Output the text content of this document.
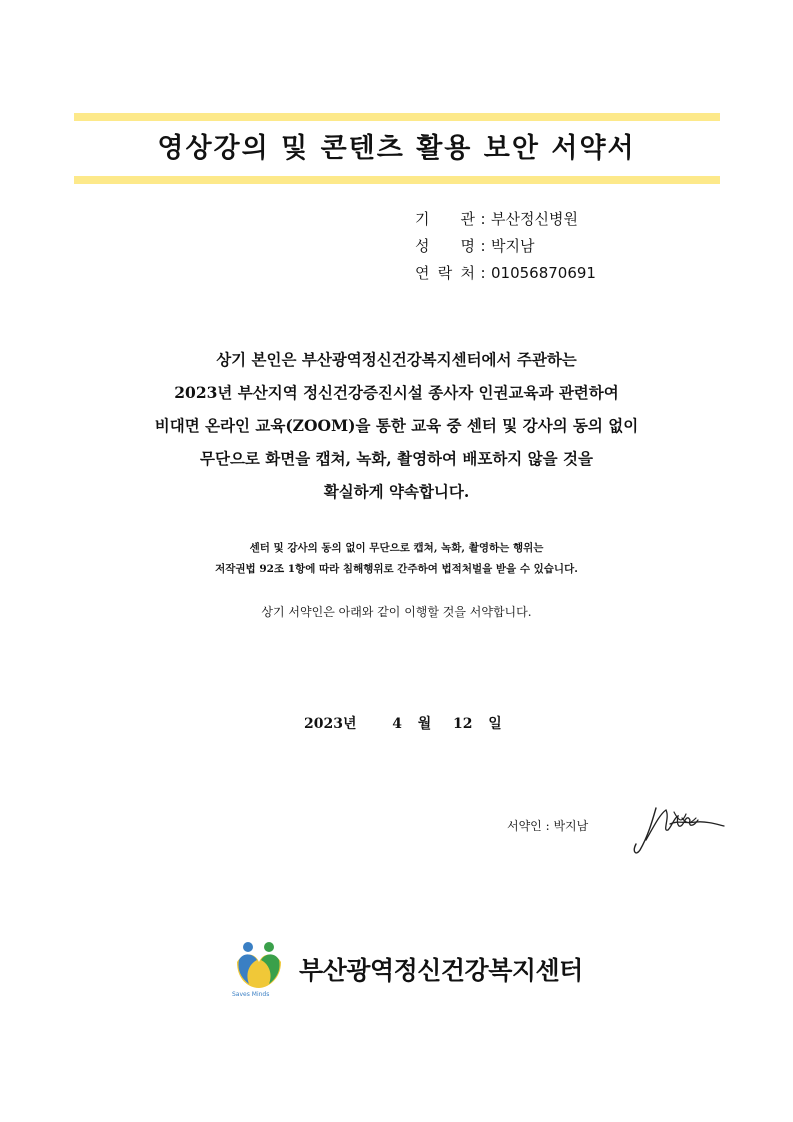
영상강의 및 콘텐츠 활용 보안 서약서
기 관 : 부산정신병원
성 명 : 박지남
연 락 처 : 01056870691
상기 본인은 부산광역정신건강복지센터에서 주관하는
2023년 부산지역 정신건강증진시설 종사자 인권교육과 관련하여
비대면 온라인 교육(ZOOM)을 통한 교육 중 센터 및 강사의 동의 없이
무단으로 화면을 캡쳐, 녹화, 촬영하여 배포하지 않을 것을
확실하게 약속합니다.
센터 및 강사의 동의 없이 무단으로 캡쳐, 녹화, 촬영하는 행위는
저작권법 92조 1항에 따라 침해행위로 간주하여 법적처벌을 받을 수 있습니다.
상기 서약인은 아래와 같이 이행할 것을 서약합니다.
2023년	4 월 12 일
서약인 : 박지남
Saves Minds
부산광역정신건강복지센터
